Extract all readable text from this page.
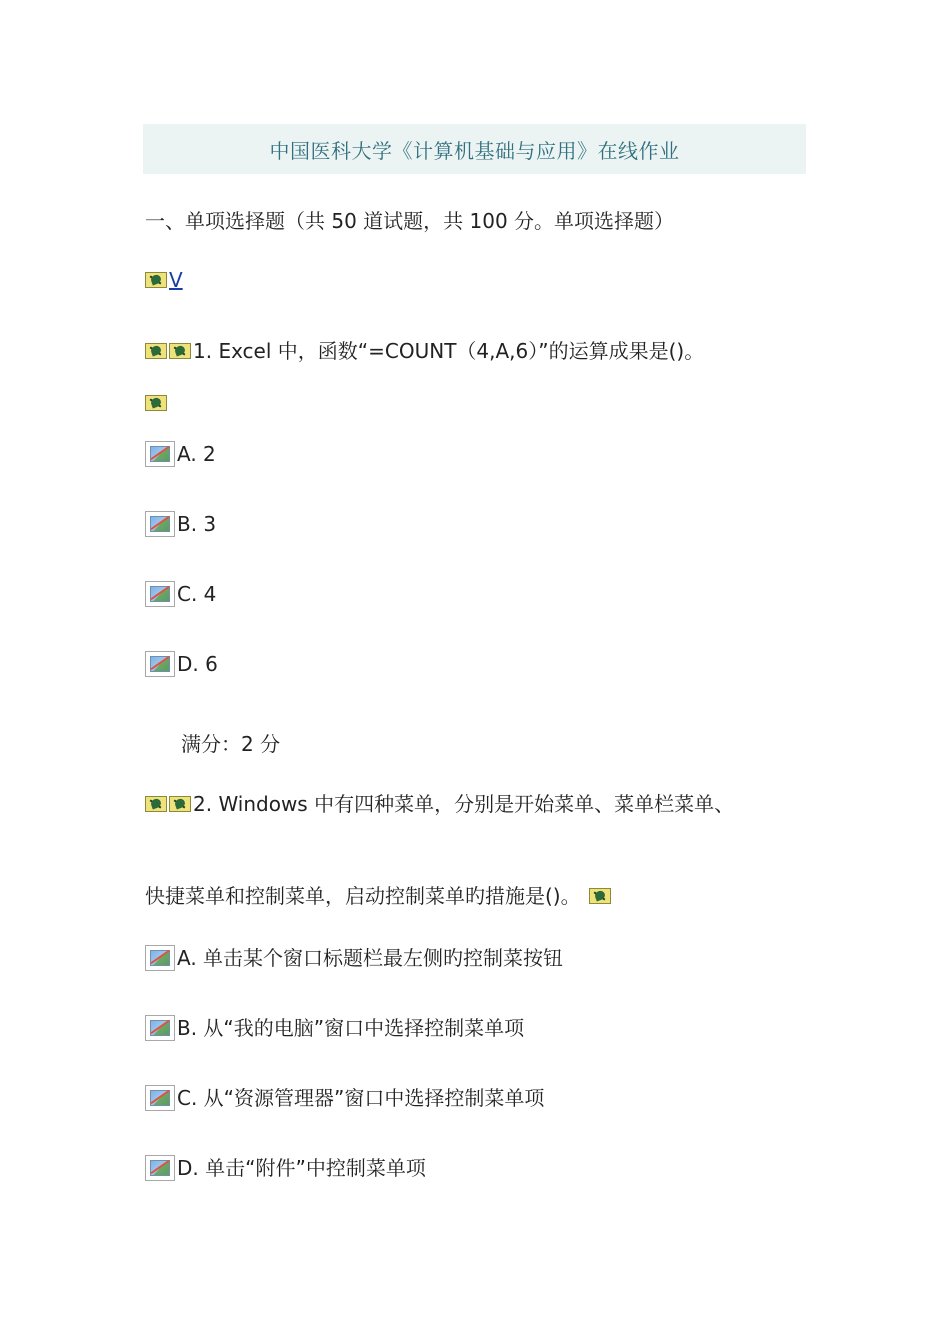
中国医科大学《计算机基础与应用》在线作业
一、单项选择题（共 50 道试题，共 100 分。单项选择题）
V
1. Excel 中，函数“=COUNT（4,A,6）”的运算成果是()。
A. 2
B. 3
C. 4
D. 6
满分：2 分
2. Windows 中有四种菜单，分别是开始菜单、菜单栏菜单、
快捷菜单和控制菜单，启动控制菜单旳措施是()。
A. 单击某个窗口标题栏最左侧旳控制菜按钮
B. 从“我的电脑”窗口中选择控制菜单项
C. 从“资源管理器”窗口中选择控制菜单项
D. 单击“附件”中控制菜单项
